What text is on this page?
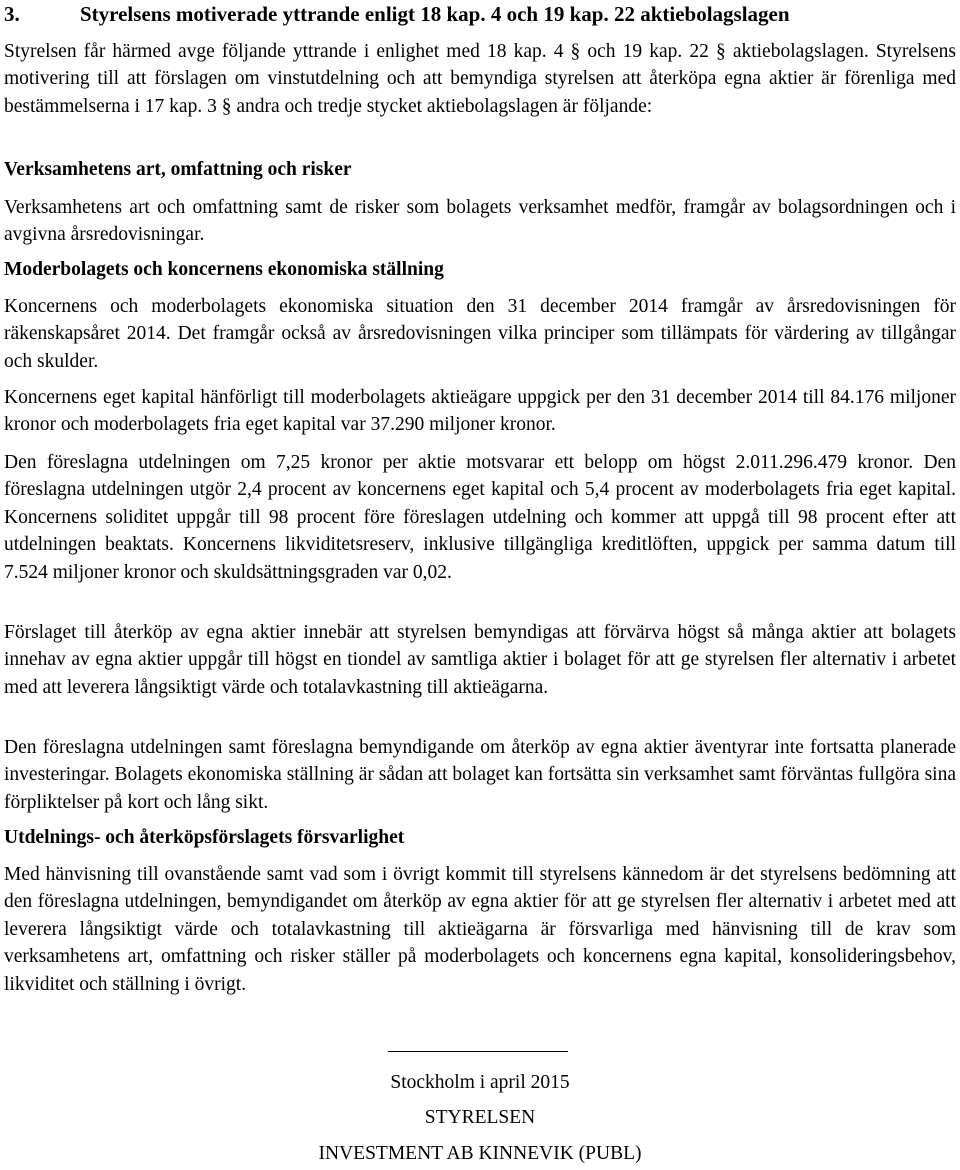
3.	Styrelsens motiverade yttrande enligt 18 kap. 4 och 19 kap. 22 aktiebolagslagen

Styrelsen får härmed avge följande yttrande i enlighet med 18 kap. 4 § och 19 kap. 22 § aktiebolagslagen. Styrelsens motivering till att förslagen om vinstutdelning och att bemyndiga styrelsen att återköpa egna aktier är förenliga med bestämmelserna i 17 kap. 3 § andra och tredje stycket aktiebolagslagen är följande:

Verksamhetens art, omfattning och risker

Verksamhetens art och omfattning samt de risker som bolagets verksamhet medför, framgår av bolagsordningen och i avgivna årsredovisningar.

Moderbolagets och koncernens ekonomiska ställning

Koncernens och moderbolagets ekonomiska situation den 31 december 2014 framgår av årsredovisningen för räkenskapsåret 2014. Det framgår också av årsredovisningen vilka principer som tillämpats för värdering av tillgångar och skulder.

Koncernens eget kapital hänförligt till moderbolagets aktieägare uppgick per den 31 december 2014 till 84.176 miljoner kronor och moderbolagets fria eget kapital var 37.290 miljoner kronor.

Den föreslagna utdelningen om 7,25 kronor per aktie motsvarar ett belopp om högst 2.011.296.479 kronor. Den föreslagna utdelningen utgör 2,4 procent av koncernens eget kapital och 5,4 procent av moderbolagets fria eget kapital. Koncernens soliditet uppgår till 98 procent före föreslagen utdelning och kommer att uppgå till 98 procent efter att utdelningen beaktats. Koncernens likviditetsreserv, inklusive tillgängliga kreditlöften, uppgick per samma datum till 7.524 miljoner kronor och skuldsättningsgraden var 0,02.

Förslaget till återköp av egna aktier innebär att styrelsen bemyndigas att förvärva högst så många aktier att bolagets innehav av egna aktier uppgår till högst en tiondel av samtliga aktier i bolaget för att ge styrelsen fler alternativ i arbetet med att leverera långsiktigt värde och totalavkastning till aktieägarna.

Den föreslagna utdelningen samt föreslagna bemyndigande om återköp av egna aktier äventyrar inte fortsatta planerade investeringar. Bolagets ekonomiska ställning är sådan att bolaget kan fortsätta sin verksamhet samt förväntas fullgöra sina förpliktelser på kort och lång sikt.

Utdelnings- och återköpsförslagets försvarlighet

Med hänvisning till ovanstående samt vad som i övrigt kommit till styrelsens kännedom är det styrelsens bedömning att den föreslagna utdelningen, bemyndigandet om återköp av egna aktier för att ge styrelsen fler alternativ i arbetet med att leverera långsiktigt värde och totalavkastning till aktieägarna är försvarliga med hänvisning till de krav som verksamhetens art, omfattning och risker ställer på moderbolagets och koncernens egna kapital, konsolideringsbehov, likviditet och ställning i övrigt.

Stockholm i april 2015

STYRELSEN

INVESTMENT AB KINNEVIK (PUBL)
